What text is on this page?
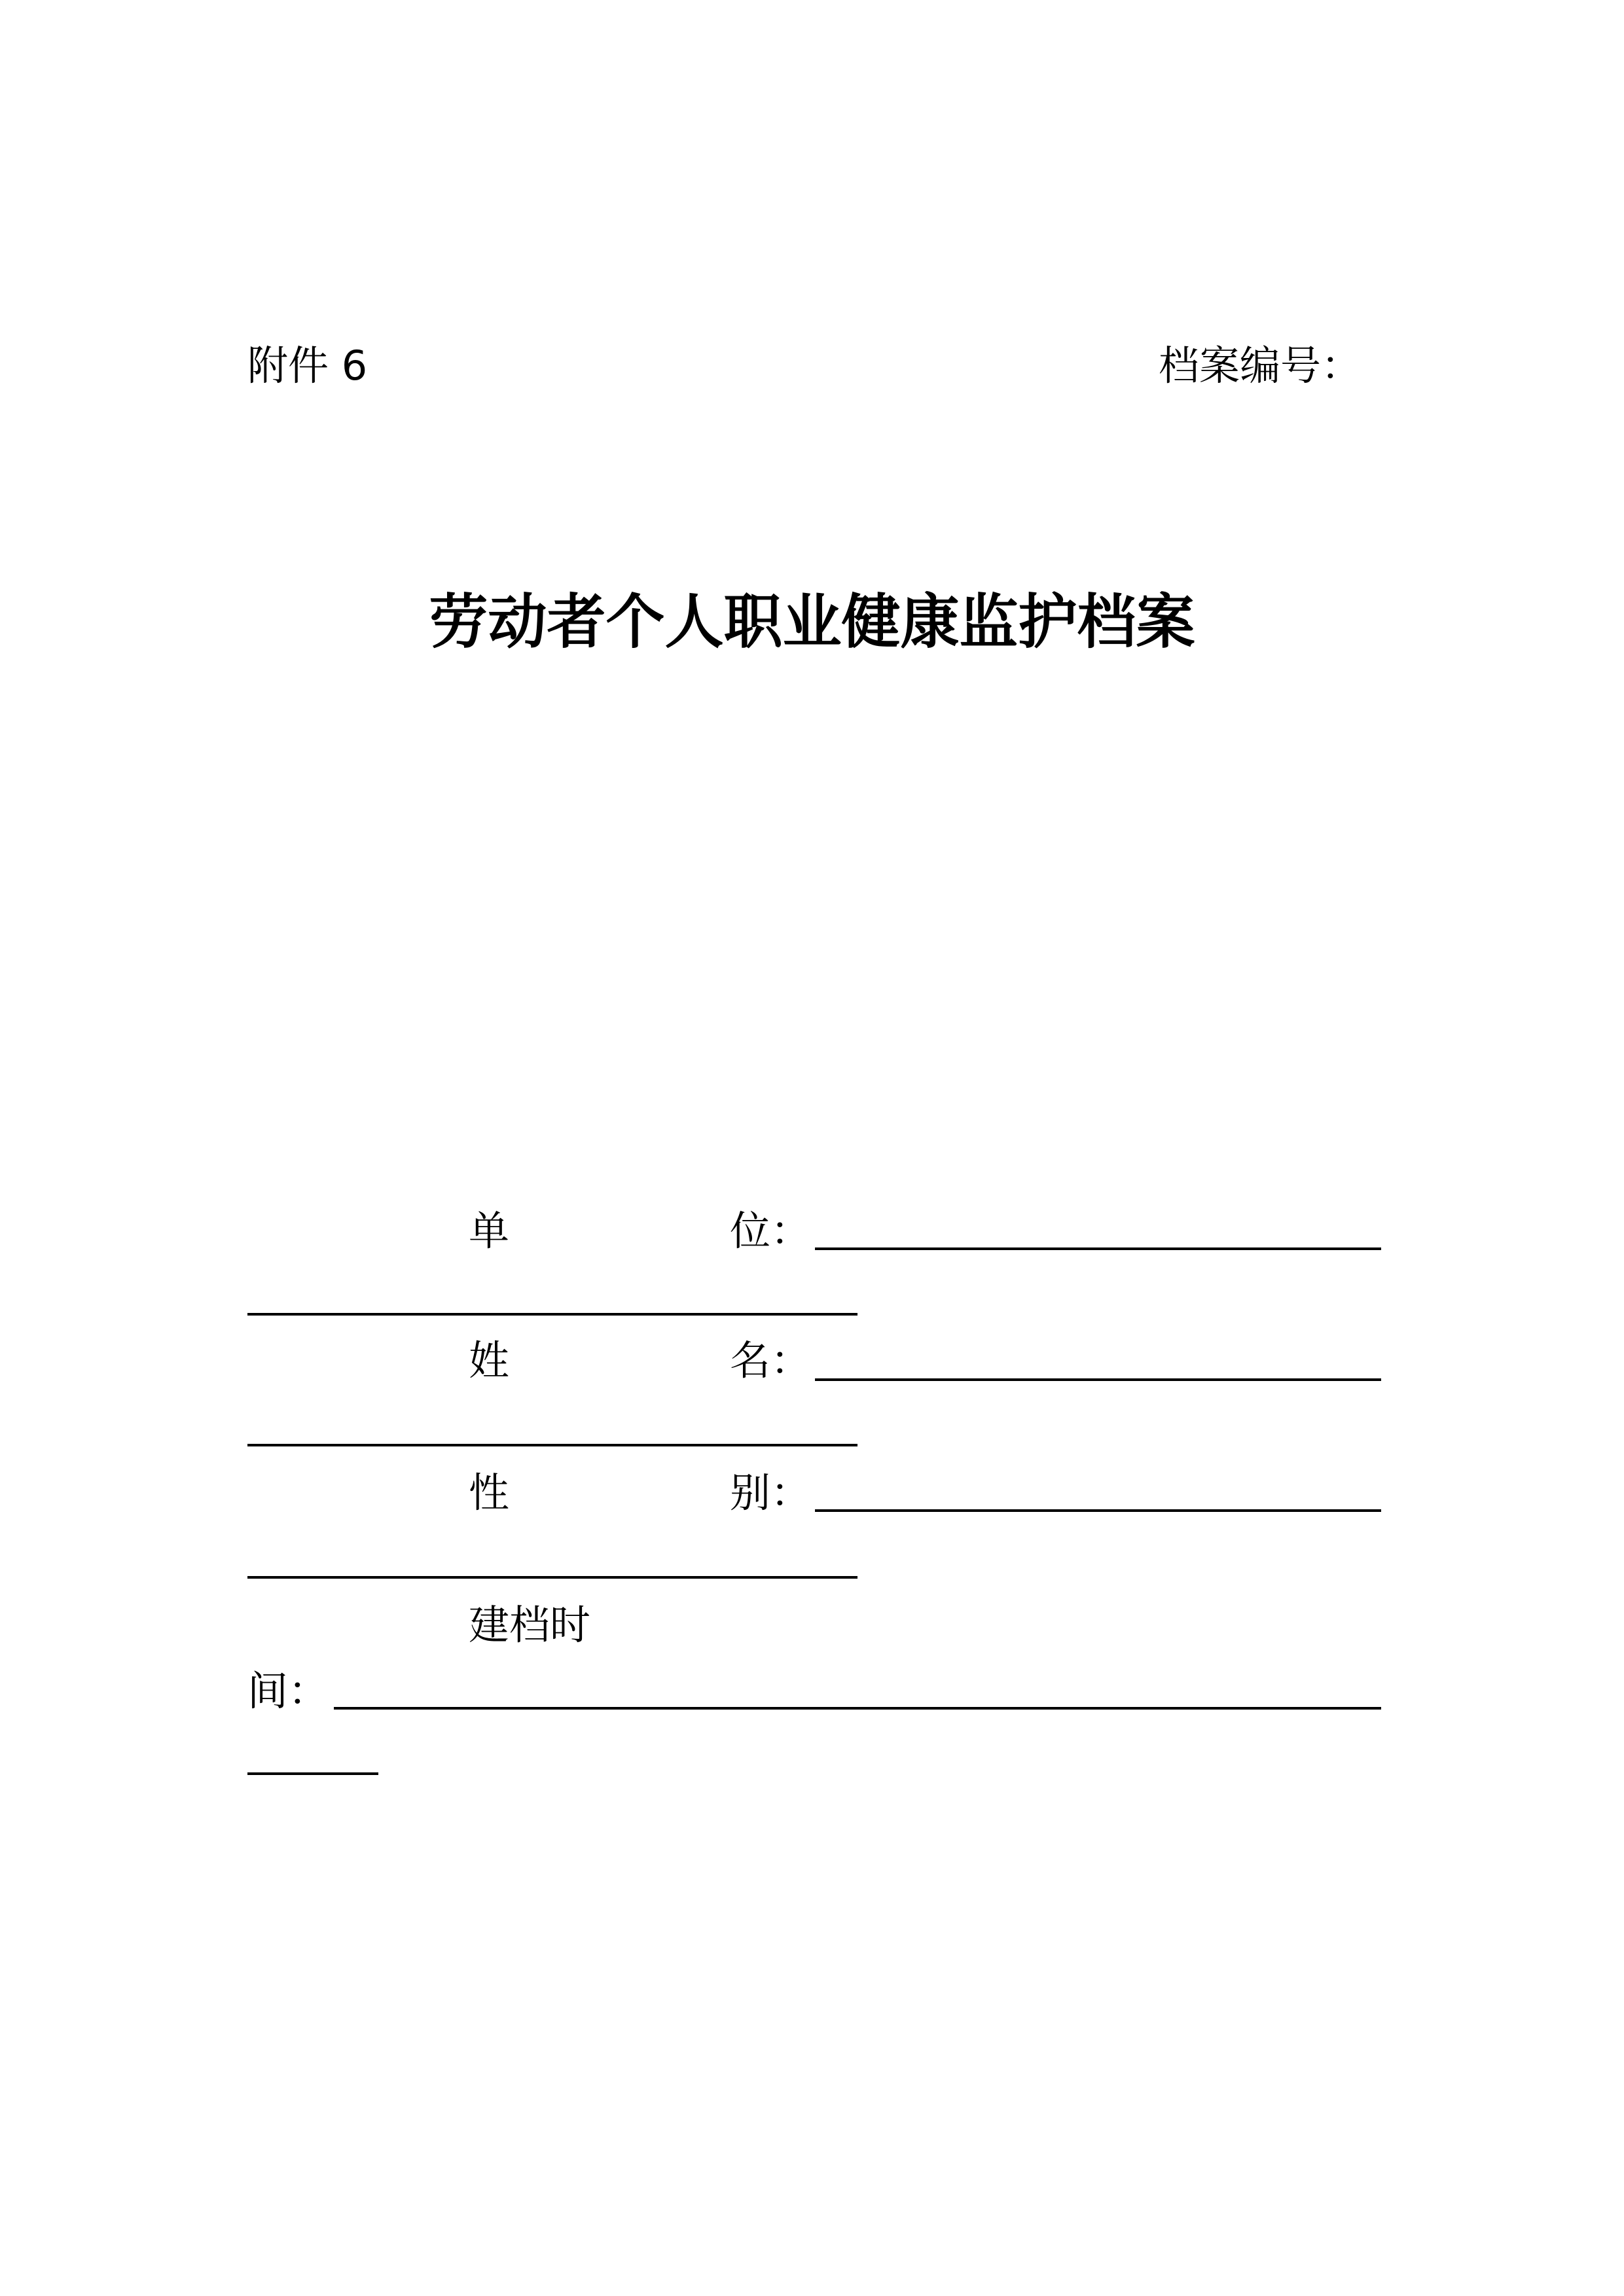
附件 6	档案编号：
劳动者个人职业健康监护档案
单	位：
姓	名：
性	别：
建档时
间：
